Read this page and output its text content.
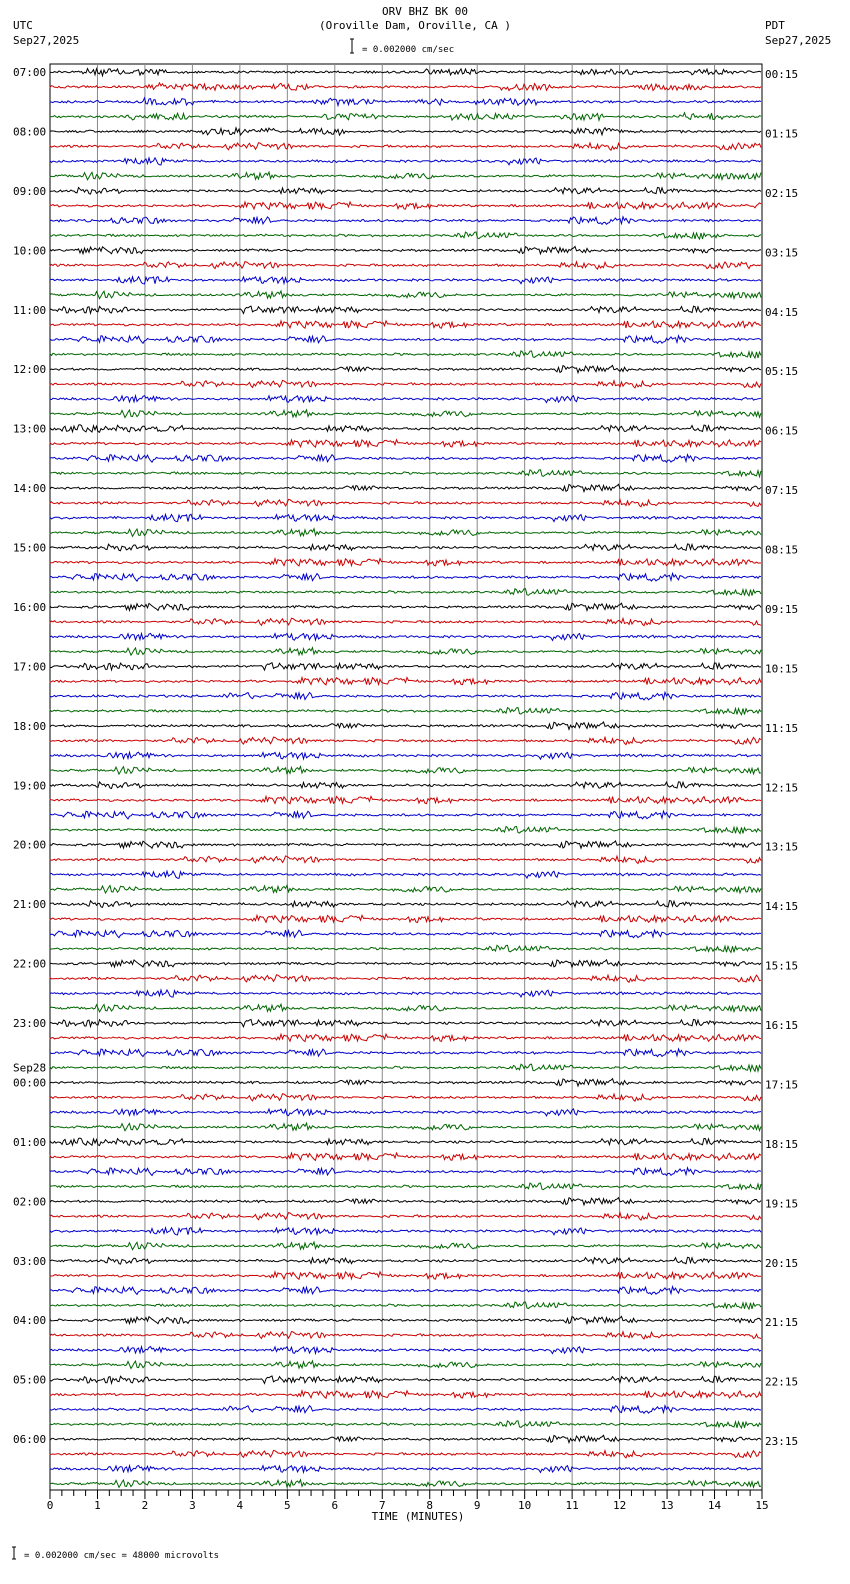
ORV BHZ BK 00
(Oroville Dam, Oroville, CA )
UTC
Sep27,2025
PDT
Sep27,2025
= 0.002000 cm/sec
07:00	00:15
08:00	01:15
09:00	02:15
10:00	03:15
11:00	04:15
12:00	05:15
13:00	06:15
14:00	07:15
15:00	08:15
16:00	09:15
17:00	10:15
18:00	11:15
19:00	12:15
20:00	13:15
21:00	14:15
22:00	15:15
23:00	16:15
00:00	17:15
Sep28
01:00	18:15
02:00	19:15
03:00	20:15
04:00	21:15
05:00	22:15
06:00	23:15
0	1	2	3	4	5	6	7	8	9	10	11	12	13	14	15
TIME (MINUTES)
= 0.002000 cm/sec = 48000 microvolts
